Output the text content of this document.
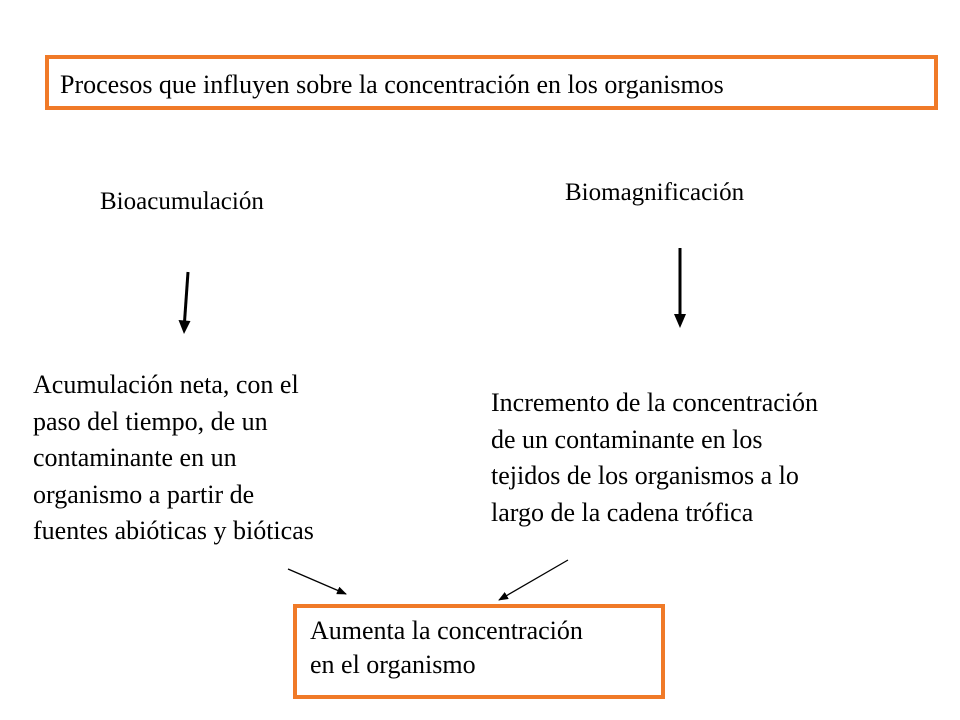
Procesos que influyen sobre la concentración en los organismos
Bioacumulación	Biomagnificación
Acumulación neta, con el
paso del tiempo, de un
contaminante en un
organismo a partir de
fuentes abióticas y bióticas
Incremento de la concentración
de un contaminante en los
tejidos de los organismos a lo
largo de la cadena trófica
Aumenta la concentración
en el organismo
